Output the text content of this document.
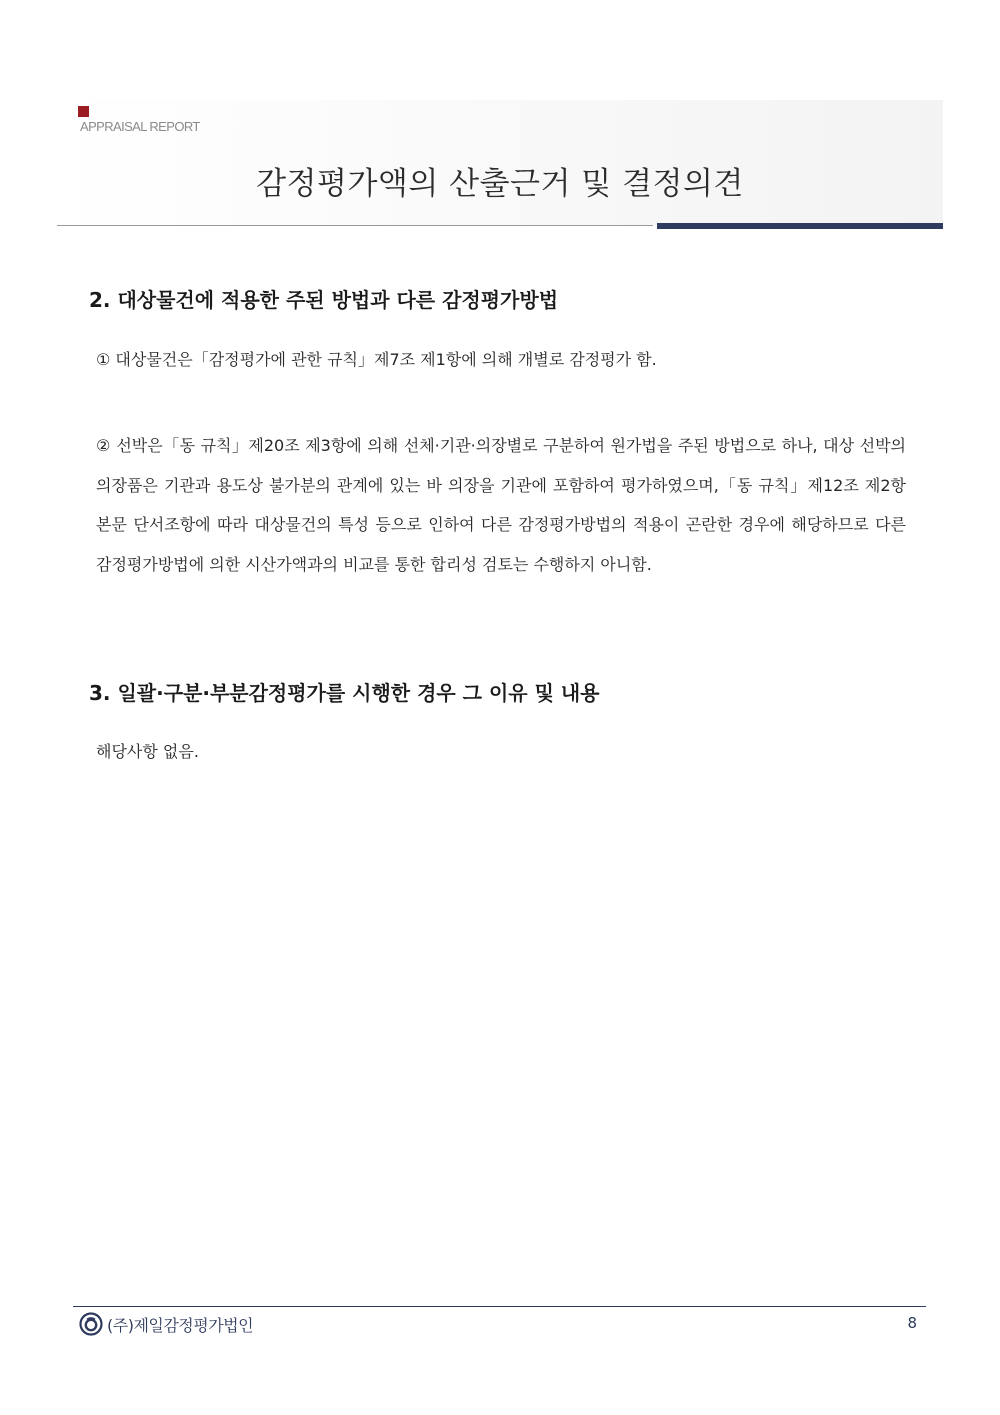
APPRAISAL REPORT
감정평가액의 산출근거 및 결정의견
2. 대상물건에 적용한 주된 방법과 다른 감정평가방법
① 대상물건은「감정평가에 관한 규칙」제7조 제1항에 의해 개별로 감정평가 함.
② 선박은「동 규칙」제20조 제3항에 의해 선체·기관·의장별로 구분하여 원가법을 주된 방법으로 하나, 대상 선박의 의장품은 기관과 용도상 불가분의 관계에 있는 바 의장을 기관에 포함하여 평가하였으며,「동 규칙」제12조 제2항 본문 단서조항에 따라 대상물건의 특성 등으로 인하여 다른 감정평가방법의 적용이 곤란한 경우에 해당하므로 다른 감정평가방법에 의한 시산가액과의 비교를 통한 합리성 검토는 수행하지 아니함.
3. 일괄·구분·부분감정평가를 시행한 경우 그 이유 및 내용
해당사항 없음.
(주)제일감정평가법인	8
